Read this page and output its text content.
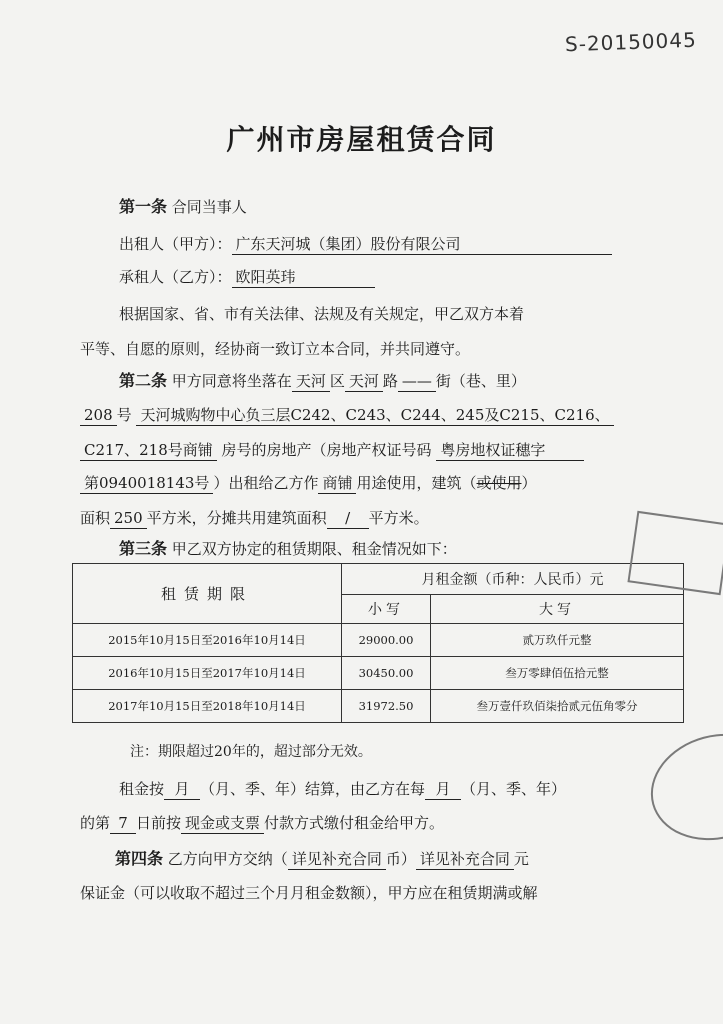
S-20150045
广州市房屋租赁合同
第一条 合同当事人
出租人（甲方）： 广东天河城（集团）股份有限公司
承租人（乙方）： 欧阳英玮
根据国家、省、市有关法律、法规及有关规定，甲乙双方本着
平等、自愿的原则，经协商一致订立本合同，并共同遵守。
第二条 甲方同意将坐落在 天河 区 天河 路 —— 街（巷、里）
208 号 天河城购物中心负三层C242、C243、C244、245及C215、C216、
C217、218号商铺 房号的房地产（房地产权证号码 粤房地权证穗字
第0940018143号 ）出租给乙方作 商铺 用途使用，建筑（或使用）
面积 250 平方米，分摊共用建筑面积 / 平方米。
第三条 甲乙双方协定的租赁期限、租金情况如下：
租赁期限	月租金额（币种：人民币）元	
	小写	大写
2015年10月15日至2016年10月14日	29000.00	贰万玖仟元整
2016年10月15日至2017年10月14日	30450.00	叁万零肆佰伍拾元整
2017年10月15日至2018年10月14日	31972.50	叁万壹仟玖佰柒拾贰元伍角零分
注：期限超过20年的，超过部分无效。
租金按 月 （月、季、年）结算，由乙方在每 月 （月、季、年）
的第 7 日前按 现金或支票 付款方式缴付租金给甲方。
第四条 乙方向甲方交纳（ 详见补充合同 币） 详见补充合同 元
保证金（可以收取不超过三个月月租金数额），甲方应在租赁期满或解
